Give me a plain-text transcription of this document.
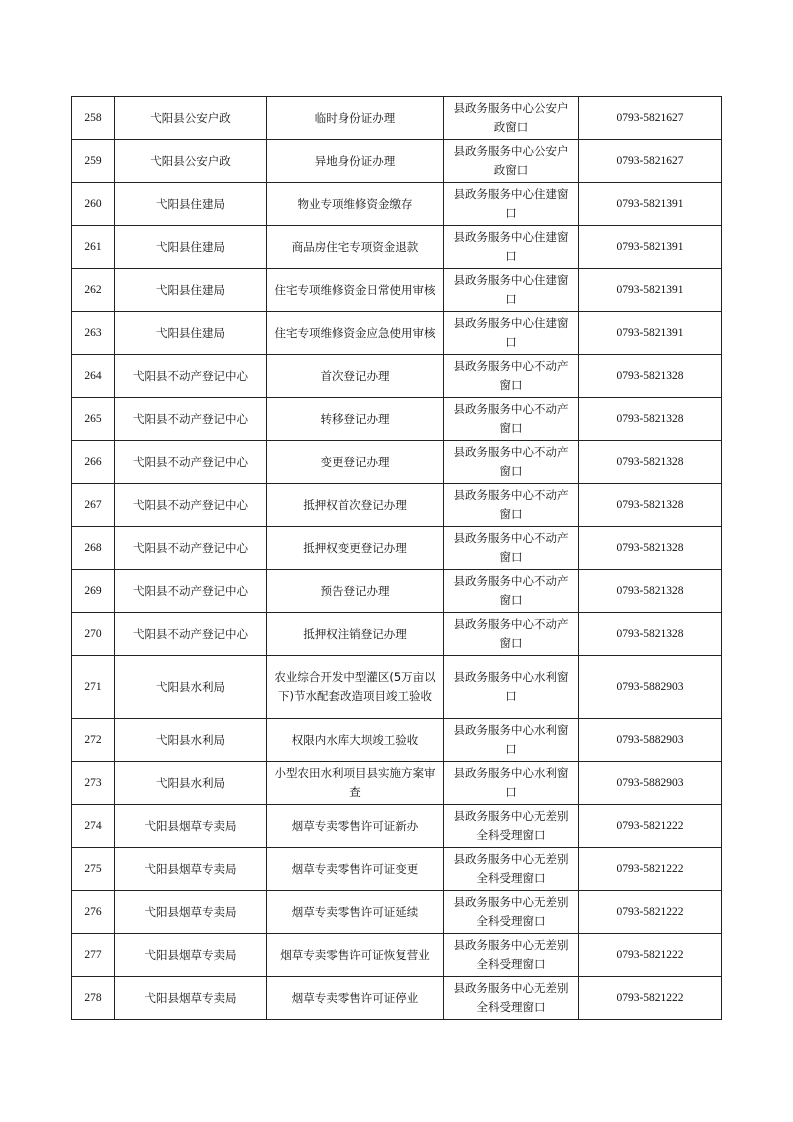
258	弋阳县公安户政	临时身份证办理	县政务服务中心公安户政窗口	0793-5821627
259	弋阳县公安户政	异地身份证办理	县政务服务中心公安户政窗口	0793-5821627
260	弋阳县住建局	物业专项维修资金缴存	县政务服务中心住建窗口	0793-5821391
261	弋阳县住建局	商品房住宅专项资金退款	县政务服务中心住建窗口	0793-5821391
262	弋阳县住建局	住宅专项维修资金日常使用审核	县政务服务中心住建窗口	0793-5821391
263	弋阳县住建局	住宅专项维修资金应急使用审核	县政务服务中心住建窗口	0793-5821391
264	弋阳县不动产登记中心	首次登记办理	县政务服务中心不动产窗口	0793-5821328
265	弋阳县不动产登记中心	转移登记办理	县政务服务中心不动产窗口	0793-5821328
266	弋阳县不动产登记中心	变更登记办理	县政务服务中心不动产窗口	0793-5821328
267	弋阳县不动产登记中心	抵押权首次登记办理	县政务服务中心不动产窗口	0793-5821328
268	弋阳县不动产登记中心	抵押权变更登记办理	县政务服务中心不动产窗口	0793-5821328
269	弋阳县不动产登记中心	预告登记办理	县政务服务中心不动产窗口	0793-5821328
270	弋阳县不动产登记中心	抵押权注销登记办理	县政务服务中心不动产窗口	0793-5821328
271	弋阳县水利局	农业综合开发中型灌区(5万亩以下)节水配套改造项目竣工验收	县政务服务中心水利窗口	0793-5882903
272	弋阳县水利局	权限内水库大坝竣工验收	县政务服务中心水利窗口	0793-5882903
273	弋阳县水利局	小型农田水利项目县实施方案审查	县政务服务中心水利窗口	0793-5882903
274	弋阳县烟草专卖局	烟草专卖零售许可证新办	县政务服务中心无差别全科受理窗口	0793-5821222
275	弋阳县烟草专卖局	烟草专卖零售许可证变更	县政务服务中心无差别全科受理窗口	0793-5821222
276	弋阳县烟草专卖局	烟草专卖零售许可证延续	县政务服务中心无差别全科受理窗口	0793-5821222
277	弋阳县烟草专卖局	烟草专卖零售许可证恢复营业	县政务服务中心无差别全科受理窗口	0793-5821222
278	弋阳县烟草专卖局	烟草专卖零售许可证停业	县政务服务中心无差别全科受理窗口	0793-5821222
